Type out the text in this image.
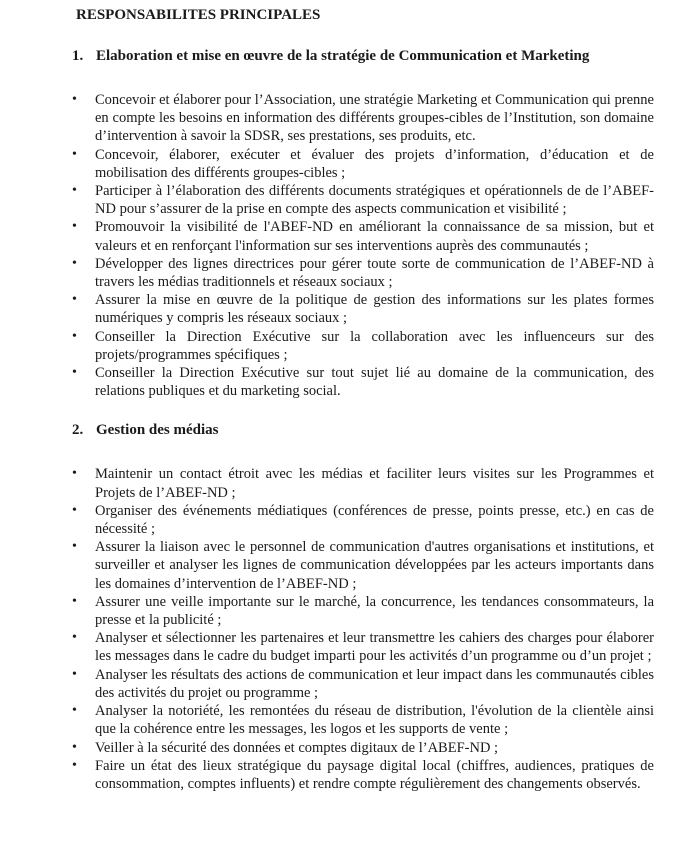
RESPONSABILITES PRINCIPALES
1. Elaboration et mise en œuvre de la stratégie de Communication et Marketing
• Concevoir et élaborer pour l’Association, une stratégie Marketing et Communication qui prenne en compte les besoins en information des différents groupes-cibles de l’Institution, son domaine d’intervention à savoir la SDSR, ses prestations, ses produits, etc.
• Concevoir, élaborer, exécuter et évaluer des projets d’information, d’éducation et de mobilisation des différents groupes-cibles ;
• Participer à l’élaboration des différents documents stratégiques et opérationnels de de l’ABEF-ND pour s’assurer de la prise en compte des aspects communication et visibilité ;
• Promouvoir la visibilité de l'ABEF-ND en améliorant la connaissance de sa mission, but et valeurs et en renforçant l'information sur ses interventions auprès des communautés ;
• Développer des lignes directrices pour gérer toute sorte de communication de l’ABEF-ND à travers les médias traditionnels et réseaux sociaux ;
• Assurer la mise en œuvre de la politique de gestion des informations sur les plates formes numériques y compris les réseaux sociaux ;
• Conseiller la Direction Exécutive sur la collaboration avec les influenceurs sur des projets/programmes spécifiques ;
• Conseiller la Direction Exécutive sur tout sujet lié au domaine de la communication, des relations publiques et du marketing social.
2. Gestion des médias
• Maintenir un contact étroit avec les médias et faciliter leurs visites sur les Programmes et Projets de l’ABEF-ND ;
• Organiser des événements médiatiques (conférences de presse, points presse, etc.) en cas de nécessité ;
• Assurer la liaison avec le personnel de communication d'autres organisations et institutions, et surveiller et analyser les lignes de communication développées par les acteurs importants dans les domaines d’intervention de l’ABEF-ND ;
• Assurer une veille importante sur le marché, la concurrence, les tendances consommateurs, la presse et la publicité ;
• Analyser et sélectionner les partenaires et leur transmettre les cahiers des charges pour élaborer les messages dans le cadre du budget imparti pour les activités d’un programme ou d’un projet ;
• Analyser les résultats des actions de communication et leur impact dans les communautés cibles des activités du projet ou programme ;
• Analyser la notoriété, les remontées du réseau de distribution, l'évolution de la clientèle ainsi que la cohérence entre les messages, les logos et les supports de vente ;
• Veiller à la sécurité des données et comptes digitaux de l’ABEF-ND ;
• Faire un état des lieux stratégique du paysage digital local (chiffres, audiences, pratiques de consommation, comptes influents) et rendre compte régulièrement des changements observés.
